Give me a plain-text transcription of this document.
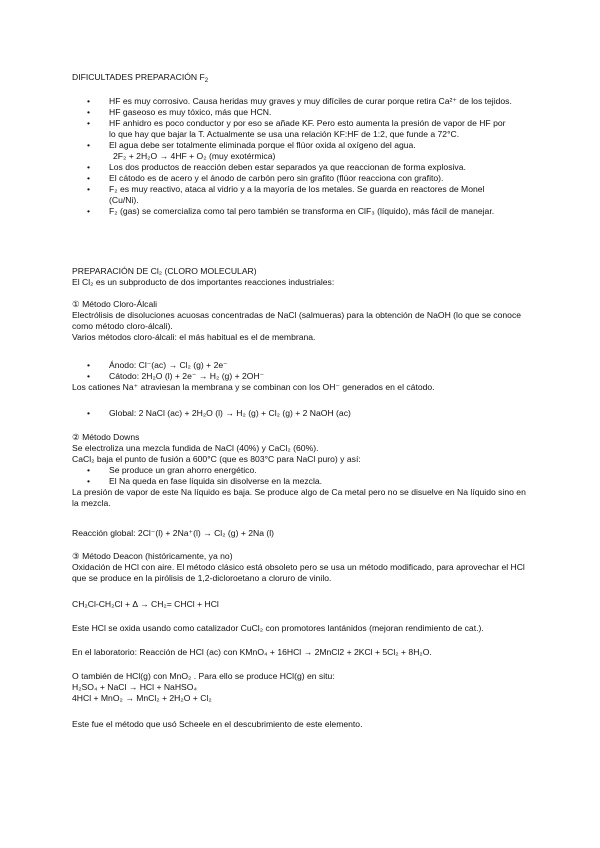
DIFICULTADES PREPARACIÓN $F_2$
• HF es muy corrosivo. Causa heridas muy graves y muy difíciles de curar porque retira Ca²⁺ de los tejidos.
• HF gaseoso es muy tóxico, más que HCN.
• HF anhidro es poco conductor y por eso se añade KF. Pero esto aumenta la presión de vapor de HF por lo que hay que bajar la T. Actualmente se usa una relación KF:HF de 1:2, que funde a 72°C.
• El agua debe ser totalmente eliminada porque el flúor oxida al oxígeno del agua.
2F₂ + 2H₂O → 4HF + O₂ (muy exotérmica)
• Los dos productos de reacción deben estar separados ya que reaccionan de forma explosiva.
• El cátodo es de acero y el ánodo de carbón pero sin grafito (flúor reacciona con grafito).
• F₂ es muy reactivo, ataca al vidrio y a la mayoría de los metales. Se guarda en reactores de Monel (Cu/Ni).
• F₂ (gas) se comercializa como tal pero también se transforma en ClF₃ (líquido), más fácil de manejar.

PREPARACIÓN DE Cl₂ (CLORO MOLECULAR)

El Cl₂ es un subproducto de dos importantes reacciones industriales:

① Método Cloro-Álcali

Electrólisis de disoluciones acuosas concentradas de NaCl (salmueras) para la obtención de NaOH (lo que se conoce como método cloro-álcali).

Varios métodos cloro-álcali: el más habitual es el de membrana.

• Ánodo: Cl⁻(ac) → Cl₂ (g) + 2e⁻
• Cátodo: 2H₂O (l) + 2e⁻ → H₂ (g) + 2OH⁻

Los cationes Na⁺ atraviesan la membrana y se combinan con los OH⁻ generados en el cátodo.

• Global: 2 NaCl (ac) + 2H₂O (l) → H₂ (g) + Cl₂ (g) + 2 NaOH (ac)

② Método Downs

Se electroliza una mezcla fundida de NaCl (40%) y CaCl₂ (60%).

CaCl₂ baja el punto de fusión a 600°C (que es 803°C para NaCl puro) y así:

• Se produce un gran ahorro energético.
• El Na queda en fase líquida sin disolverse en la mezcla.

La presión de vapor de este Na líquido es baja. Se produce algo de Ca metal pero no se disuelve en Na líquido sino en la mezcla.

Reacción global: 2Cl⁻(l) + 2Na⁺(l) → Cl₂ (g) + 2Na (l)

③ Método Deacon (históricamente, ya no)

Oxidación de HCl con aire. El método clásico está obsoleto pero se usa un método modificado, para aprovechar el HCl que se produce en la pirólisis de 1,2-dicloroetano a cloruro de vinilo.

CH₂Cl-CH₂Cl + Δ → CH₂= CHCl + HCl

Este HCl se oxida usando como catalizador CuCl₂ con promotores lantánidos (mejoran rendimiento de cat.).

En el laboratorio: Reacción de HCl (ac) con KMnO₄ + 16HCl → 2MnCl2 + 2KCl + 5Cl₂ + 8H₂O.

O también de HCl(g) con MnO₂ . Para ello se produce HCl(g) en situ:

H₂SO₄ + NaCl → HCl + NaHSO₄

4HCl + MnO₂ → MnCl₂ + 2H₂O + Cl₂

Este fue el método que usó Scheele en el descubrimiento de este elemento.
